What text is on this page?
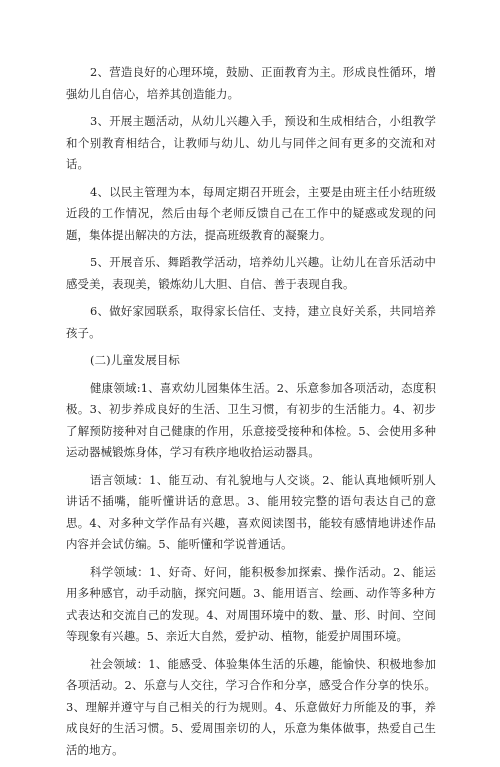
2、营造良好的心理环境，鼓励、正面教育为主。形成良性循环，增强幼儿自信心，培养其创造能力。

3、开展主题活动，从幼儿兴趣入手，预设和生成相结合，小组教学和个别教育相结合，让教师与幼儿、幼儿与同伴之间有更多的交流和对话。

4、以民主管理为本，每周定期召开班会，主要是由班主任小结班级近段的工作情况，然后由每个老师反馈自己在工作中的疑惑或发现的问题，集体提出解决的方法，提高班级教育的凝聚力。

5、开展音乐、舞蹈教学活动，培养幼儿兴趣。让幼儿在音乐活动中感受美，表现美，锻炼幼儿大胆、自信、善于表现自我。

6、做好家园联系，取得家长信任、支持，建立良好关系，共同培养孩子。

(二)儿童发展目标

健康领域:1、喜欢幼儿园集体生活。2、乐意参加各项活动，态度积极。3、初步养成良好的生活、卫生习惯，有初步的生活能力。4、初步了解预防接种对自己健康的作用，乐意接受接种和体检。5、会使用多种运动器械锻炼身体，学习有秩序地收拾运动器具。

语言领域：1、能互动、有礼貌地与人交谈。2、能认真地倾听别人讲话不插嘴，能听懂讲话的意思。3、能用较完整的语句表达自己的意思。4、对多种文学作品有兴趣，喜欢阅读图书，能较有感情地讲述作品内容并会试仿编。5、能听懂和学说普通话。

科学领域：1、好奇、好问，能积极参加探索、操作活动。2、能运用多种感官，动手动脑，探究问题。3、能用语言、绘画、动作等多种方式表达和交流自己的发现。4、对周围环境中的数、量、形、时间、空间等现象有兴趣。5、亲近大自然，爱护动、植物，能爱护周围环境。

社会领域：1、能感受、体验集体生活的乐趣，能愉快、积极地参加各项活动。2、乐意与人交往，学习合作和分享，感受合作分享的快乐。3、理解并遵守与自己相关的行为规则。4、乐意做好力所能及的事，养成良好的生活习惯。5、爱周围亲切的人，乐意为集体做事，热爱自己生活的地方。
